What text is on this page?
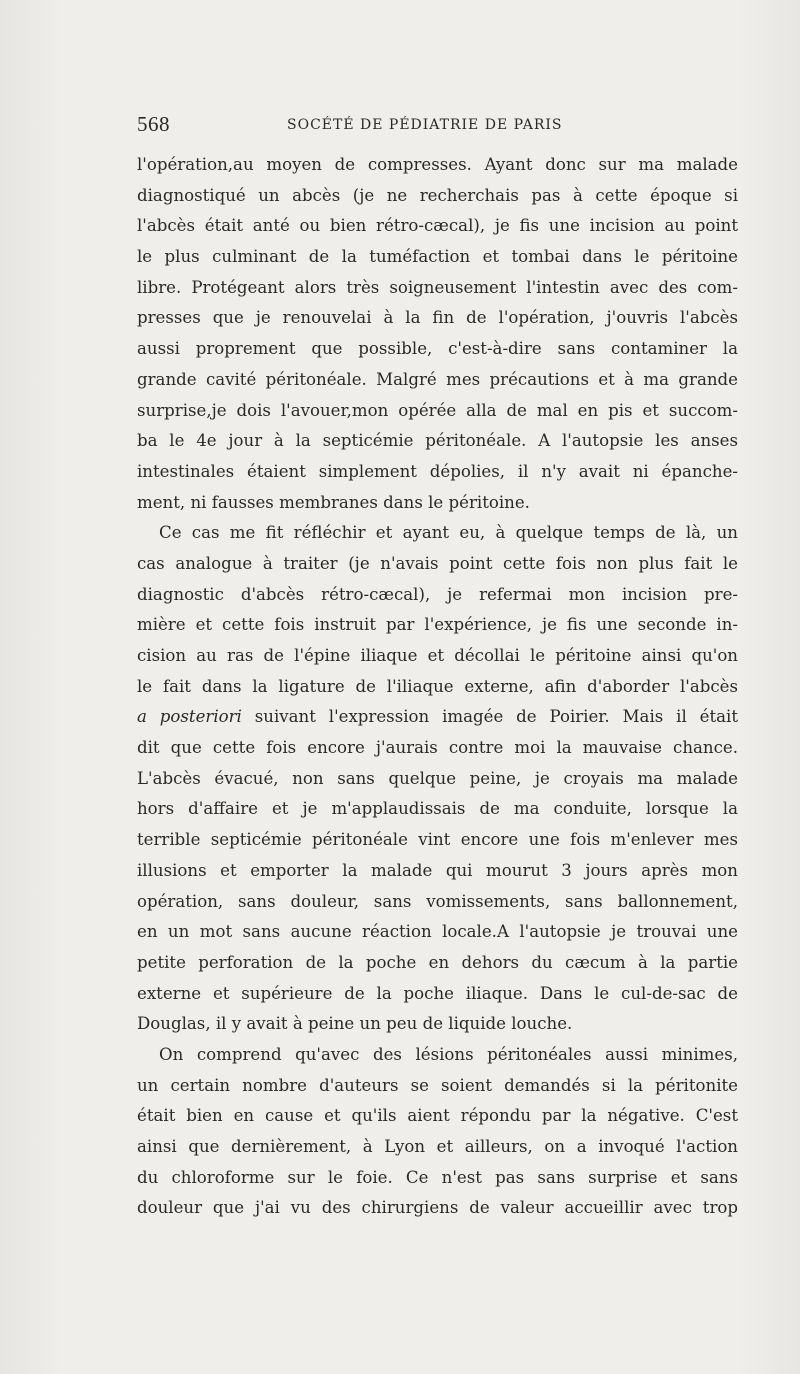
568	SOCÉTÉ DE PÉDIATRIE DE PARIS
l'opération,au moyen de compresses. Ayant donc sur ma malade
diagnostiqué un abcès (je ne recherchais pas à cette époque si
l'abcès était anté ou bien rétro-cæcal), je fis une incision au point
le plus culminant de la tuméfaction et tombai dans le péritoine
libre. Protégeant alors très soigneusement l'intestin avec des com-
presses que je renouvelai à la fin de l'opération, j'ouvris l'abcès
aussi proprement que possible, c'est-à-dire sans contaminer la
grande cavité péritonéale. Malgré mes précautions et à ma grande
surprise,je dois l'avouer,mon opérée alla de mal en pis et succom-
ba le 4e jour à la septicémie péritonéale. A l'autopsie les anses
intestinales étaient simplement dépolies, il n'y avait ni épanche-
ment, ni fausses membranes dans le péritoine.
Ce cas me fit réfléchir et ayant eu, à quelque temps de là, un
cas analogue à traiter (je n'avais point cette fois non plus fait le
diagnostic d'abcès rétro-cæcal), je refermai mon incision pre-
mière et cette fois instruit par l'expérience, je fis une seconde in-
cision au ras de l'épine iliaque et décollai le péritoine ainsi qu'on
le fait dans la ligature de l'iliaque externe, afin d'aborder l'abcès
a posteriori suivant l'expression imagée de Poirier. Mais il était
dit que cette fois encore j'aurais contre moi la mauvaise chance.
L'abcès évacué, non sans quelque peine, je croyais ma malade
hors d'affaire et je m'applaudissais de ma conduite, lorsque la
terrible septicémie péritonéale vint encore une fois m'enlever mes
illusions et emporter la malade qui mourut 3 jours après mon
opération, sans douleur, sans vomissements, sans ballonnement,
en un mot sans aucune réaction locale.A l'autopsie je trouvai une
petite perforation de la poche en dehors du cæcum à la partie
externe et supérieure de la poche iliaque. Dans le cul-de-sac de
Douglas, il y avait à peine un peu de liquide louche.
On comprend qu'avec des lésions péritonéales aussi minimes,
un certain nombre d'auteurs se soient demandés si la péritonite
était bien en cause et qu'ils aient répondu par la négative. C'est
ainsi que dernièrement, à Lyon et ailleurs, on a invoqué l'action
du chloroforme sur le foie. Ce n'est pas sans surprise et sans
douleur que j'ai vu des chirurgiens de valeur accueillir avec trop
